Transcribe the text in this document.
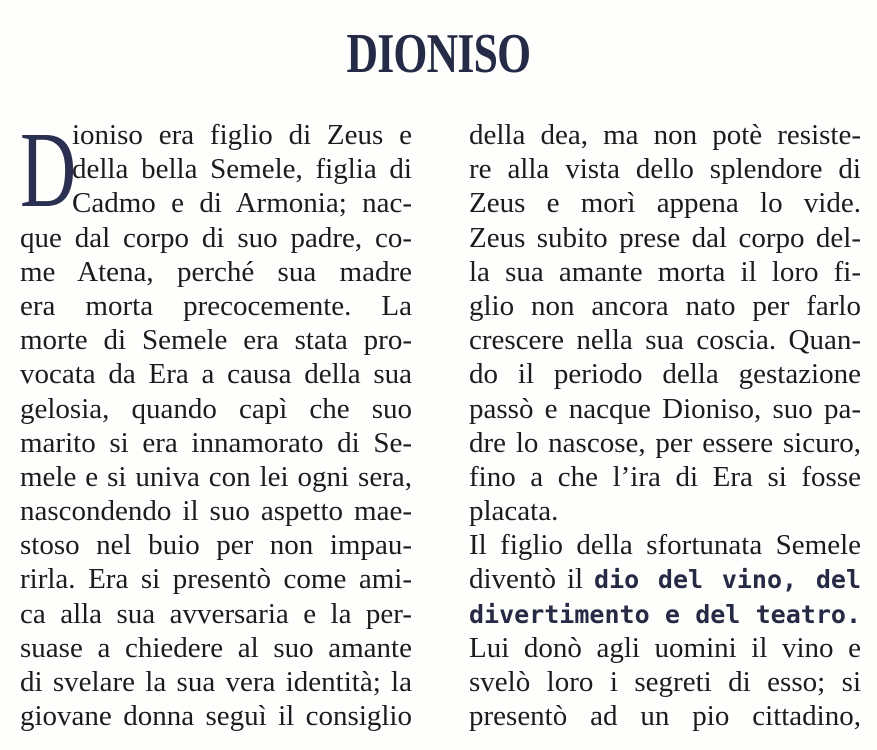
DIONISO
D
ioniso era figlio di Zeus e
della bella Semele, figlia di
Cadmo e di Armonia; nac-
que dal corpo di suo padre, co-
me Atena, perché sua madre
era morta precocemente. La
morte di Semele era stata pro-
vocata da Era a causa della sua
gelosia, quando capì che suo
marito si era innamorato di Se-
mele e si univa con lei ogni sera,
nascondendo il suo aspetto mae-
stoso nel buio per non impau-
rirla. Era si presentò come ami-
ca alla sua avversaria e la per-
suase a chiedere al suo amante
di svelare la sua vera identità; la
giovane donna seguì il consiglio
della dea, ma non potè resiste-
re alla vista dello splendore di
Zeus e morì appena lo vide.
Zeus subito prese dal corpo del-
la sua amante morta il loro fi-
glio non ancora nato per farlo
crescere nella sua coscia. Quan-
do il periodo della gestazione
passò e nacque Dioniso, suo pa-
dre lo nascose, per essere sicuro,
fino a che l’ira di Era si fosse
placata.
Il figlio della sfortunata Semele
diventò il dio del vino, del
divertimento e del teatro.
Lui donò agli uomini il vino e
svelò loro i segreti di esso; si
presentò ad un pio cittadino,
